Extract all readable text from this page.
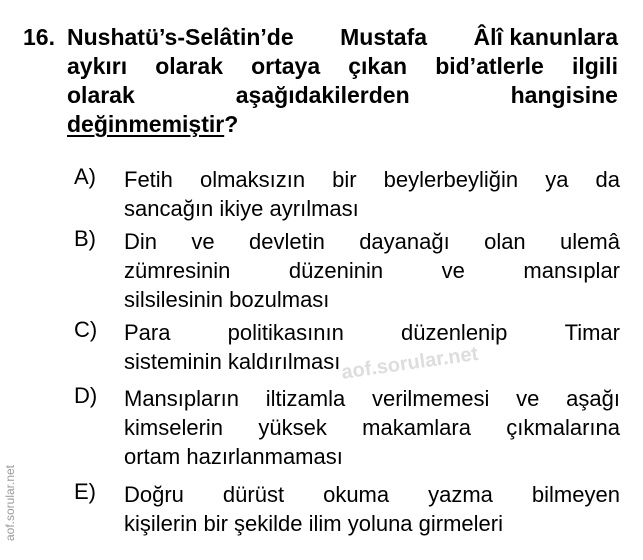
16. Nushatü’s-Selâtin’de Mustafa Âlî kanunlara
aykırı olarak ortaya çıkan bid’atlerle ilgili
olarak	aşağıdakilerden	hangisine
değinmemiştir ?
A)	Fetih olmaksızın bir beylerbeyliğin ya da
sancağın ikiye ayrılması
B)	Din ve devletin dayanağı olan ulemâ
zümresinin	düzeninin	ve	mansıplar
silsilesinin bozulması
C)	Para	politikasının	düzenlenip	Timar
sisteminin kaldırılması
D)	Mansıpların iltizamla verilmemesi ve aşağı
kimselerin yüksek makamlara çıkmalarına
ortam hazırlanmaması
E)	Doğru dürüst okuma yazma bilmeyen
kişilerin bir şekilde ilim yoluna girmeleri
aof.sorular.net
aof.sorular.net
